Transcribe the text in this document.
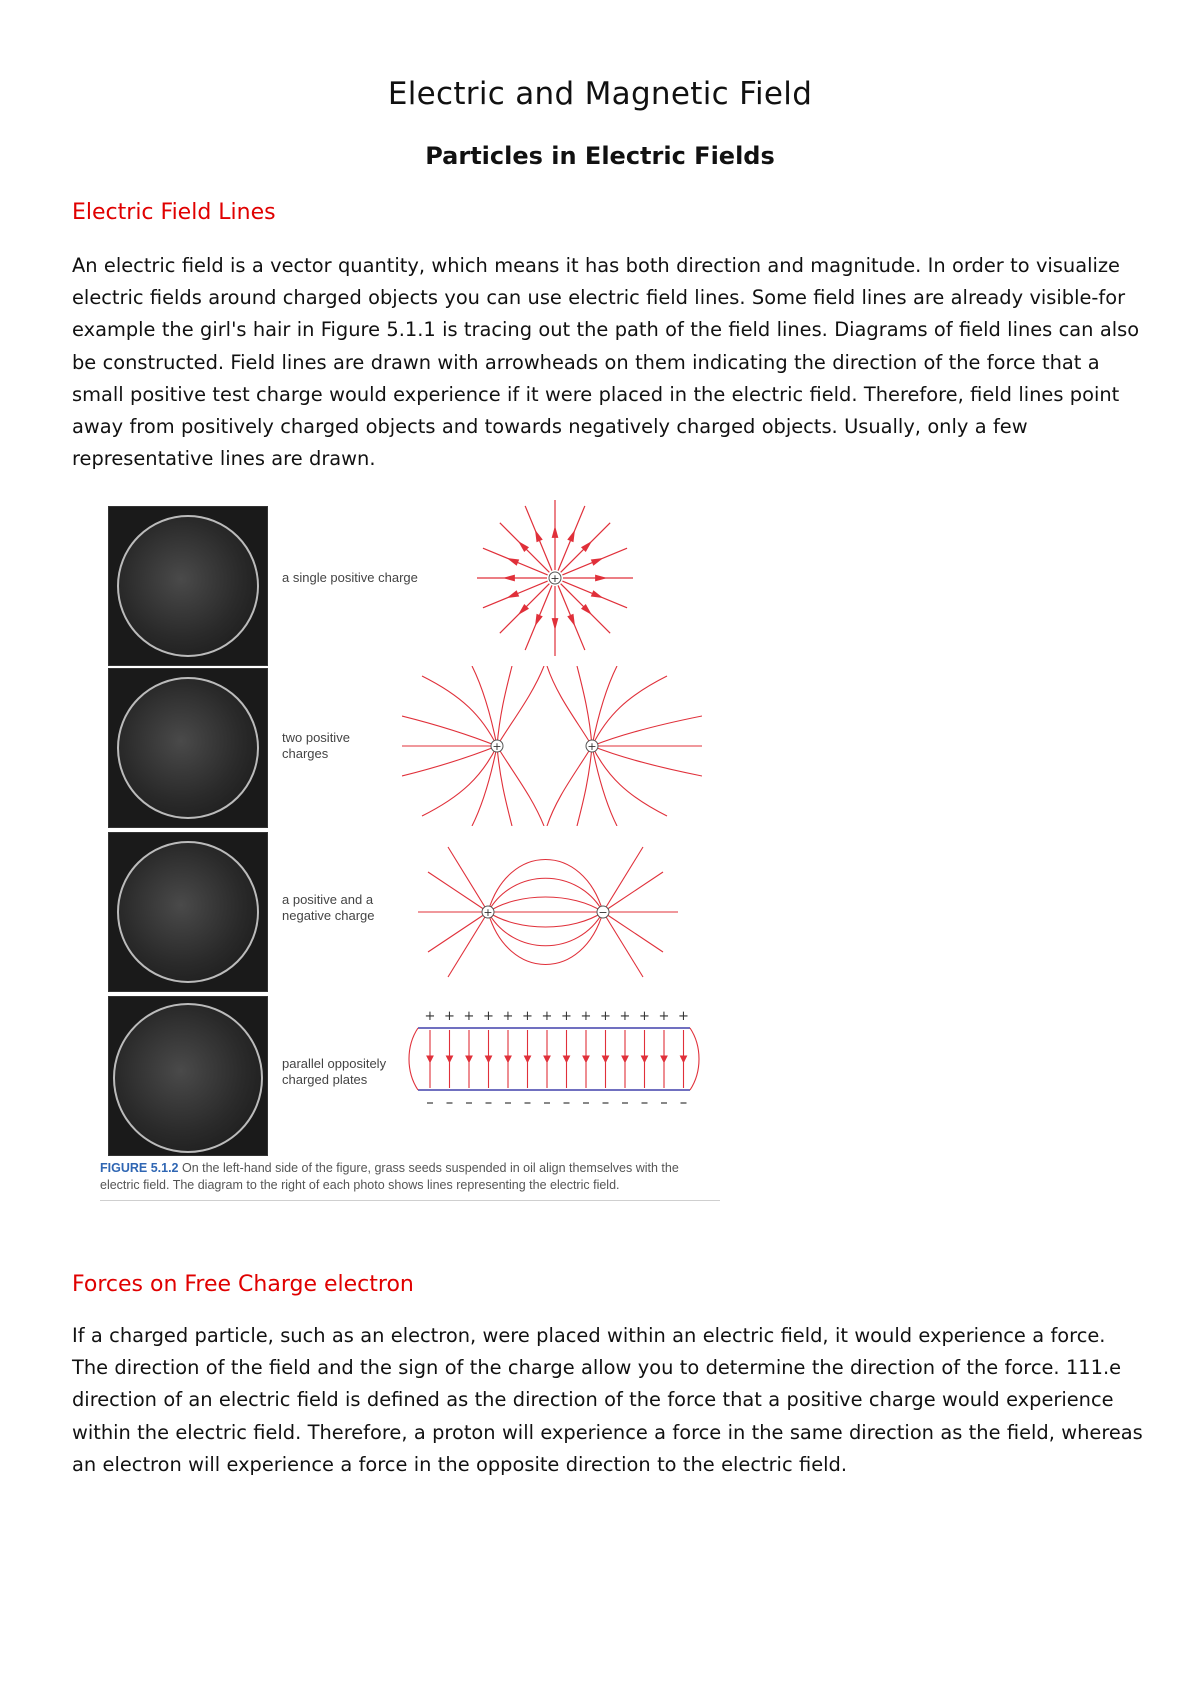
Electric and Magnetic Field
Particles in Electric Fields
Electric Field Lines
An electric field is a vector quantity, which means it has both direction and magnitude. In order to visualize electric fields around charged objects you can use electric field lines. Some field lines are already visible-for example the girl's hair in Figure 5.1.1 is tracing out the path of the field lines. Diagrams of field lines can also be constructed. Field lines are drawn with arrowheads on them indicating the direction of the force that a small positive test charge would experience if it were placed in the electric field. Therefore, field lines point away from positively charged objects and towards negatively charged objects. Usually, only a few representative lines are drawn.
a single positive charge
two positive
charges
a positive and a
negative charge
parallel oppositely
charged plates
+
+	+
+	−
+ + + + + + + + + + + + + +
FIGURE 5.1.2 On the left-hand side of the figure, grass seeds suspended in oil align themselves with the electric field. The diagram to the right of each photo shows lines representing the electric field.
Forces on Free Charge electron
If a charged particle, such as an electron, were placed within an electric field, it would experience a force. The direction of the field and the sign of the charge allow you to determine the direction of the force. 111.e direction of an electric field is defined as the direction of the force that a positive charge would experience within the electric field. Therefore, a proton will experience a force in the same direction as the field, whereas an electron will experience a force in the opposite direction to the electric field.
